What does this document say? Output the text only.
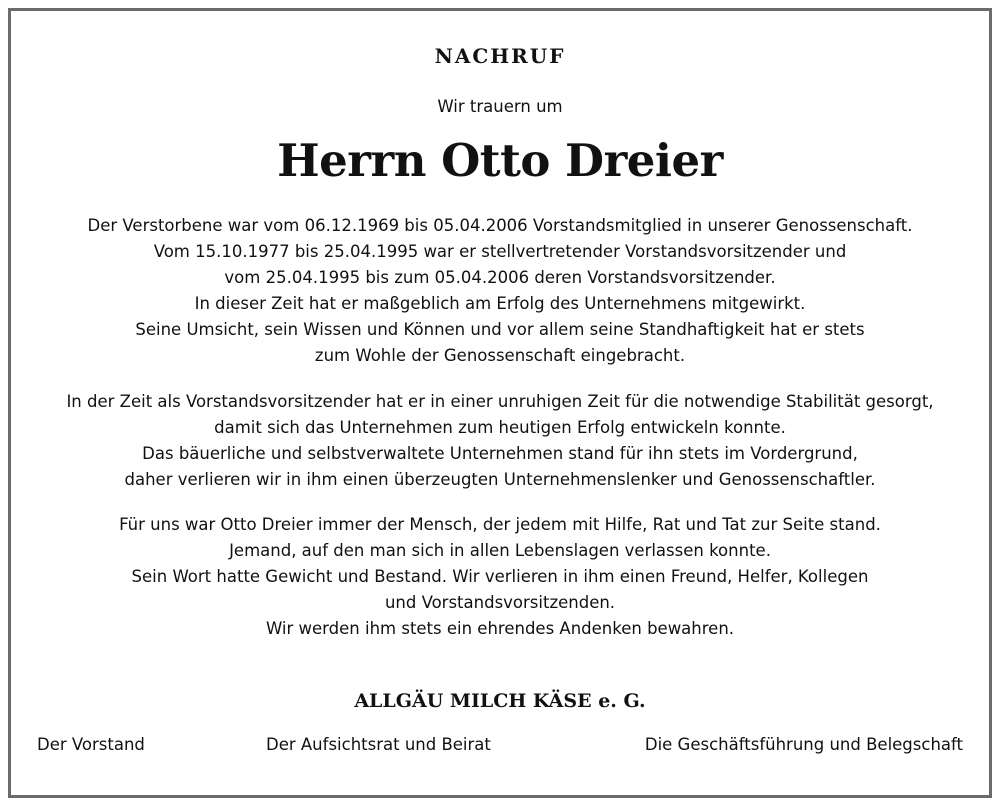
NACHRUF
Wir trauern um
Herrn Otto Dreier
Der Verstorbene war vom 06.12.1969 bis 05.04.2006 Vorstandsmitglied in unserer Genossenschaft.
Vom 15.10.1977 bis 25.04.1995 war er stellvertretender Vorstandsvorsitzender und
vom 25.04.1995 bis zum 05.04.2006 deren Vorstandsvorsitzender.
In dieser Zeit hat er maßgeblich am Erfolg des Unternehmens mitgewirkt.
Seine Umsicht, sein Wissen und Können und vor allem seine Standhaftigkeit hat er stets
zum Wohle der Genossenschaft eingebracht.
In der Zeit als Vorstandsvorsitzender hat er in einer unruhigen Zeit für die notwendige Stabilität gesorgt,
damit sich das Unternehmen zum heutigen Erfolg entwickeln konnte.
Das bäuerliche und selbstverwaltete Unternehmen stand für ihn stets im Vordergrund,
daher verlieren wir in ihm einen überzeugten Unternehmenslenker und Genossenschaftler.
Für uns war Otto Dreier immer der Mensch, der jedem mit Hilfe, Rat und Tat zur Seite stand.
Jemand, auf den man sich in allen Lebenslagen verlassen konnte.
Sein Wort hatte Gewicht und Bestand. Wir verlieren in ihm einen Freund, Helfer, Kollegen
und Vorstandsvorsitzenden.
Wir werden ihm stets ein ehrendes Andenken bewahren.
ALLGÄU MILCH KÄSE e. G.
Der Vorstand	Der Aufsichtsrat und Beirat	Die Geschäftsführung und Belegschaft
